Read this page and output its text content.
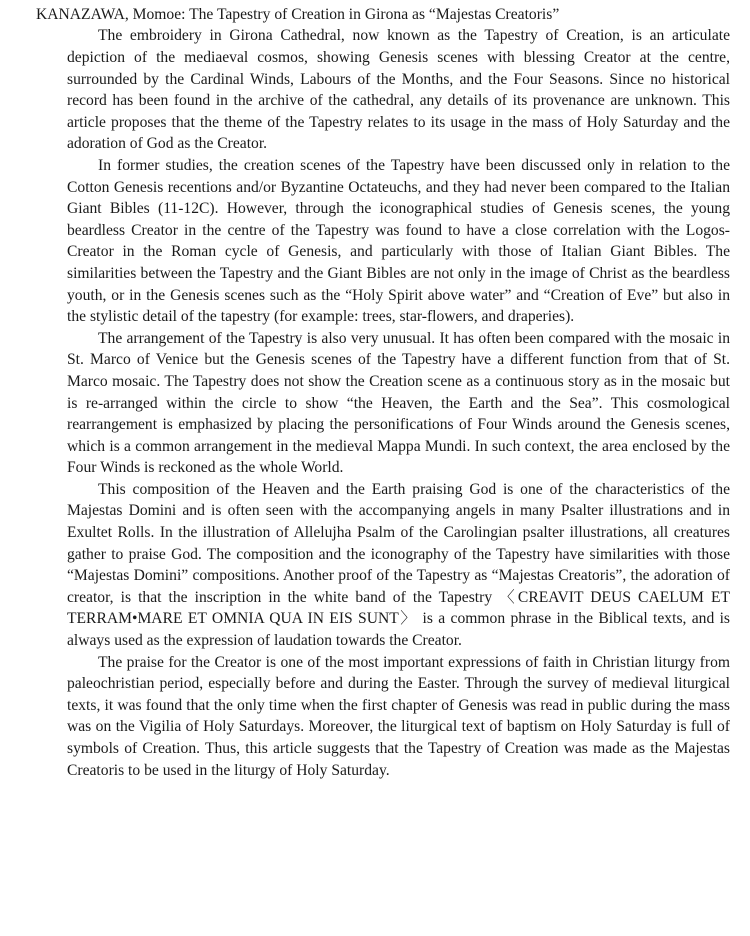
KANAZAWA, Momoe: The Tapestry of Creation in Girona as “Majestas Creatoris”

The embroidery in Girona Cathedral, now known as the Tapestry of Creation, is an articulate depiction of the mediaeval cosmos, showing Genesis scenes with blessing Creator at the centre, surrounded by the Cardinal Winds, Labours of the Months, and the Four Seasons. Since no historical record has been found in the archive of the cathedral, any details of its provenance are unknown. This article proposes that the theme of the Tapestry relates to its usage in the mass of Holy Saturday and the adoration of God as the Creator.

In former studies, the creation scenes of the Tapestry have been discussed only in relation to the Cotton Genesis recentions and/or Byzantine Octateuchs, and they had never been compared to the Italian Giant Bibles (11-12C). However, through the iconographical studies of Genesis scenes, the young beardless Creator in the centre of the Tapestry was found to have a close correlation with the Logos-Creator in the Roman cycle of Genesis, and particularly with those of Italian Giant Bibles. The similarities between the Tapestry and the Giant Bibles are not only in the image of Christ as the beardless youth, or in the Genesis scenes such as the “Holy Spirit above water” and “Creation of Eve” but also in the stylistic detail of the tapestry (for example: trees, star-flowers, and draperies).

The arrangement of the Tapestry is also very unusual. It has often been compared with the mosaic in St. Marco of Venice but the Genesis scenes of the Tapestry have a different function from that of St. Marco mosaic. The Tapestry does not show the Creation scene as a continuous story as in the mosaic but is re-arranged within the circle to show “the Heaven, the Earth and the Sea”. This cosmological rearrangement is emphasized by placing the personifications of Four Winds around the Genesis scenes, which is a common arrangement in the medieval Mappa Mundi. In such context, the area enclosed by the Four Winds is reckoned as the whole World.

This composition of the Heaven and the Earth praising God is one of the characteristics of the Majestas Domini and is often seen with the accompanying angels in many Psalter illustrations and in Exultet Rolls. In the illustration of Allelujha Psalm of the Carolingian psalter illustrations, all creatures gather to praise God. The composition and the iconography of the Tapestry have similarities with those “Majestas Domini” compositions. Another proof of the Tapestry as “Majestas Creatoris”, the adoration of creator, is that the inscription in the white band of the Tapestry 〈CREAVIT DEUS CAELUM ET TERRAM•MARE ET OMNIA QUA IN EIS SUNT〉 is a common phrase in the Biblical texts, and is always used as the expression of laudation towards the Creator.

The praise for the Creator is one of the most important expressions of faith in Christian liturgy from paleochristian period, especially before and during the Easter. Through the survey of medieval liturgical texts, it was found that the only time when the first chapter of Genesis was read in public during the mass was on the Vigilia of Holy Saturdays. Moreover, the liturgical text of baptism on Holy Saturday is full of symbols of Creation. Thus, this article suggests that the Tapestry of Creation was made as the Majestas Creatoris to be used in the liturgy of Holy Saturday.
